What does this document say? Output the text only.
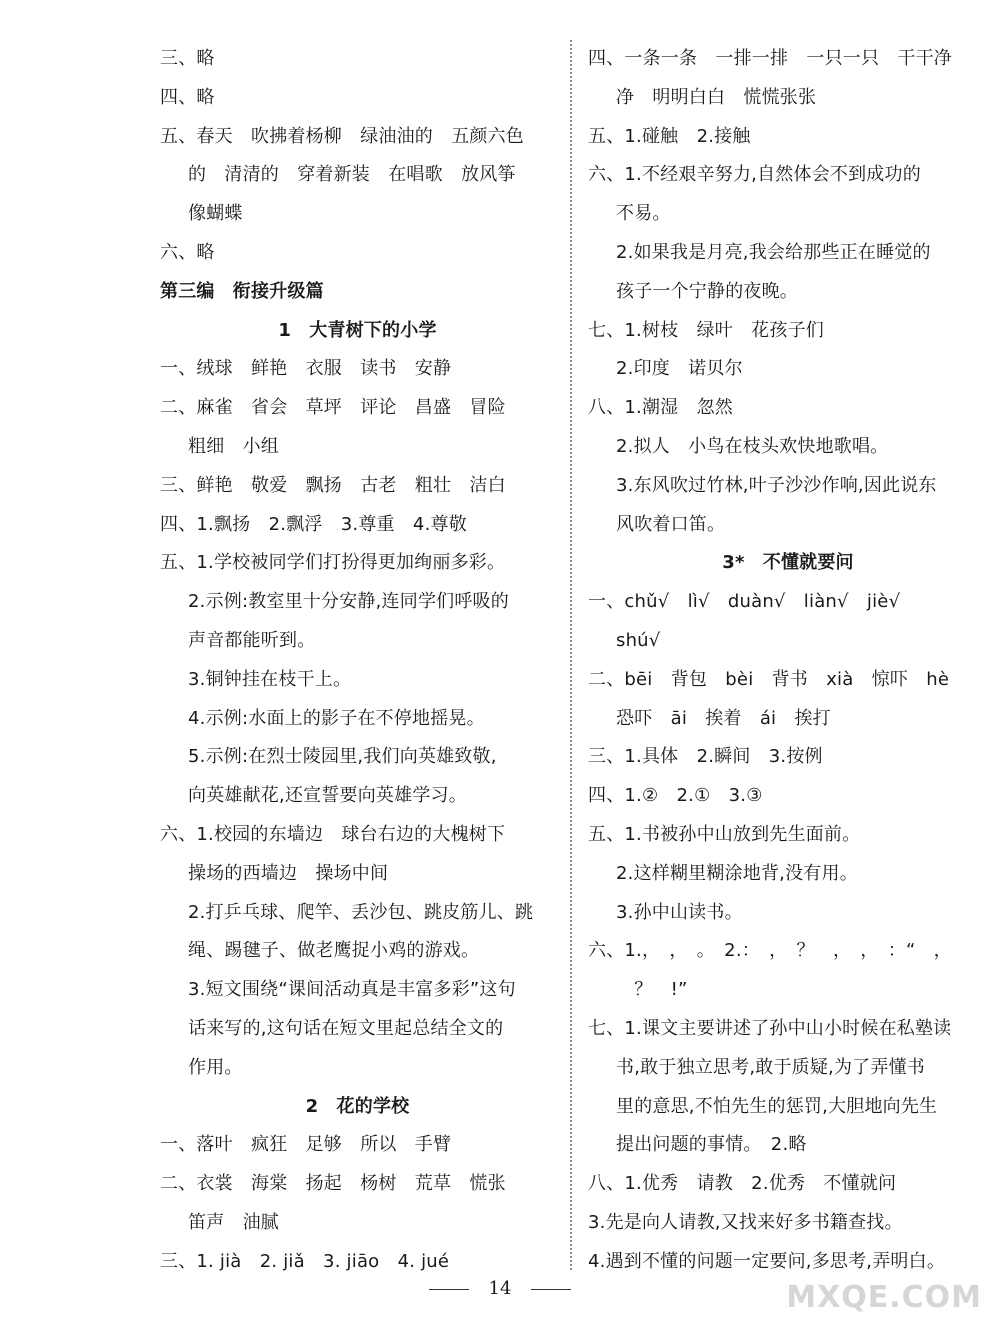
三、略
四、略
五、春天　吹拂着杨柳　绿油油的　五颜六色
的　清清的　穿着新装　在唱歌　放风筝
像蝴蝶
六、略
第三编　衔接升级篇
1　大青树下的小学
一、绒球　鲜艳　衣服　读书　安静
二、麻雀　省会　草坪　评论　昌盛　冒险
粗细　小组
三、鲜艳　敬爱　飘扬　古老　粗壮　洁白
四、1.飘扬　2.飘浮　3.尊重　4.尊敬
五、1.学校被同学们打扮得更加绚丽多彩。
2.示例:教室里十分安静,连同学们呼吸的
声音都能听到。
3.铜钟挂在枝干上。
4.示例:水面上的影子在不停地摇晃。
5.示例:在烈士陵园里,我们向英雄致敬,
向英雄献花,还宣誓要向英雄学习。
六、1.校园的东墙边　球台右边的大槐树下
操场的西墙边　操场中间
2.打乒乓球、爬竿、丢沙包、跳皮筋儿、跳
绳、踢毽子、做老鹰捉小鸡的游戏。
3.短文围绕“课间活动真是丰富多彩”这句
话来写的,这句话在短文里起总结全文的
作用。
2　花的学校
一、落叶　疯狂　足够　所以　手臂
二、衣裳　海棠　扬起　杨树　荒草　慌张
笛声　油腻
三、1. jià　2. jiǎ　3. jiāo　4. jué
四、一条一条　一排一排　一只一只　干干净
净　明明白白　慌慌张张
五、1.碰触　2.接触
六、1.不经艰辛努力,自然体会不到成功的
不易。
2.如果我是月亮,我会给那些正在睡觉的
孩子一个宁静的夜晚。
七、1.树枝　绿叶　花孩子们
2.印度　诺贝尔
八、1.潮湿　忽然
2.拟人　小鸟在枝头欢快地歌唱。
3.东风吹过竹林,叶子沙沙作响,因此说东
风吹着口笛。
3*　不懂就要问
一、chǔ√　lì√　duàn√　liàn√　jiè√
shú√
二、bēi　背包　bèi　背书　xià　惊吓　hè
恐吓　āi　挨着　ái　挨打
三、1.具体　2.瞬间　3.按例
四、1.②　2.①　3.③
五、1.书被孙中山放到先生面前。
2.这样糊里糊涂地背,没有用。
3.孙中山读书。
六、1.，　，　。　2.：　，　？　，　，　：“　，
　？　!”
七、1.课文主要讲述了孙中山小时候在私塾读
书,敢于独立思考,敢于质疑,为了弄懂书
里的意思,不怕先生的惩罚,大胆地向先生
提出问题的事情。　2.略
八、1.优秀　请教　2.优秀　不懂就问
3.先是向人请教,又找来好多书籍查找。
4.遇到不懂的问题一定要问,多思考,弄明白。
14	MXQE.COM
